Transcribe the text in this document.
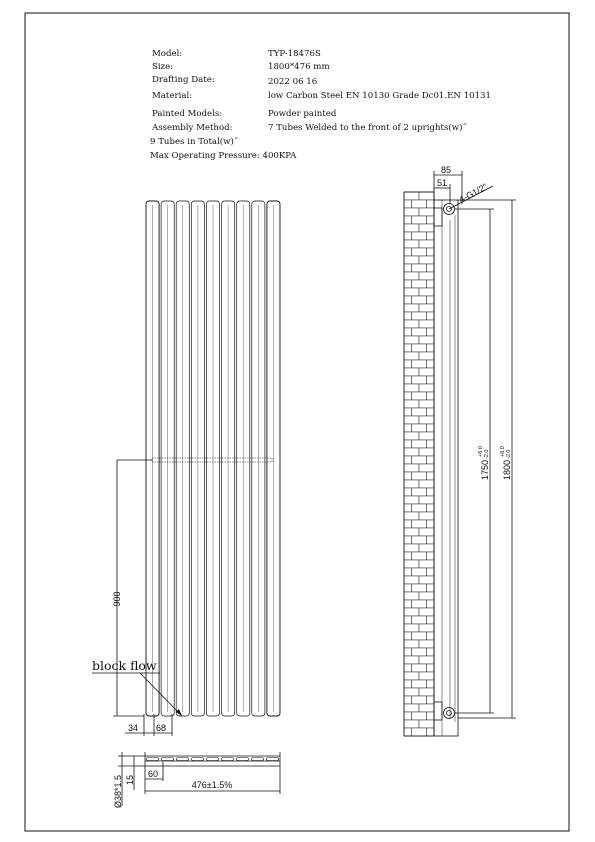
Model:	TYP-18476S
Size:	1800*476 mm
Drafting Date:	2022 06 16
Material:	low Carbon Steel EN 10130 Grade Dc01.EN 10131
Painted Models:	Powder painted
Assembly Method:	7 Tubes Welded to the front of 2 uprights(w)˝
9 Tubes in Total(w)˝
Max Operating Pressure: 400KPA
900
34 68
block flow
85
51 4-G1/2"
1750
+6.0 -2.0
1800
+6.0 -2.0
Ø38*1.5 15
60
476±1.5%
